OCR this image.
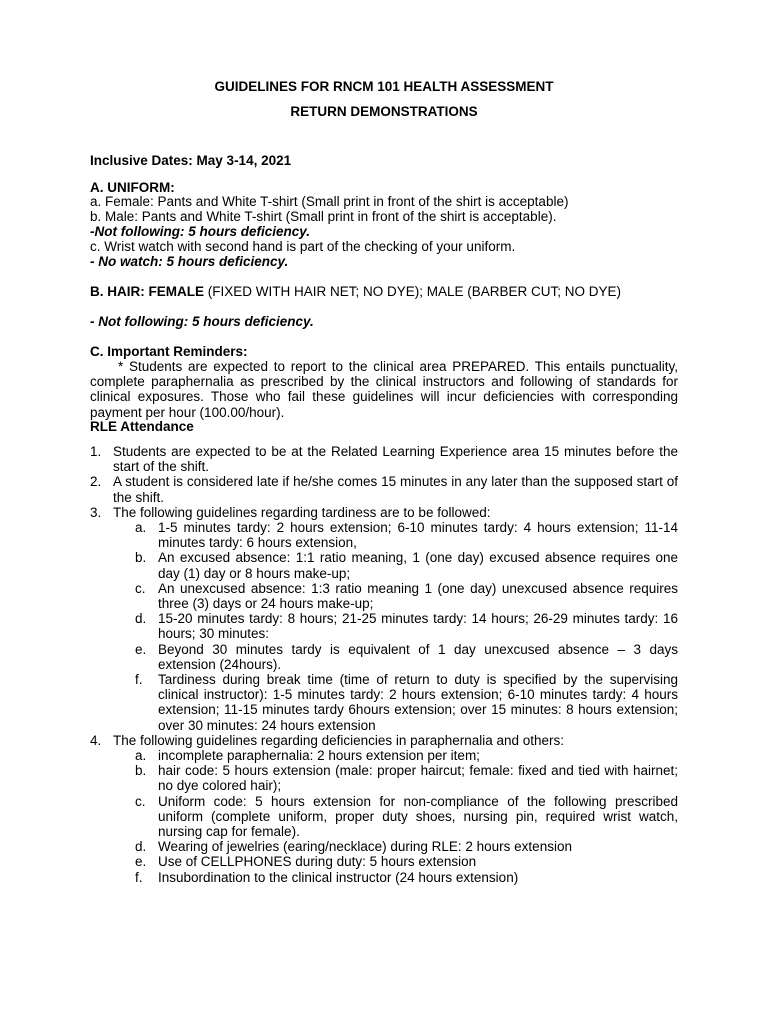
GUIDELINES FOR RNCM 101 HEALTH ASSESSMENT
RETURN DEMONSTRATIONS
Inclusive Dates: May 3-14, 2021
A. UNIFORM:
a. Female: Pants and White T-shirt (Small print in front of the shirt is acceptable)
b. Male: Pants and White T-shirt (Small print in front of the shirt is acceptable).
-Not following: 5 hours deficiency.
c. Wrist watch with second hand is part of the checking of your uniform.
- No watch: 5 hours deficiency.
B. HAIR: FEMALE (FIXED WITH HAIR NET; NO DYE); MALE (BARBER CUT; NO DYE)
- Not following: 5 hours deficiency.
C. Important Reminders:
* Students are expected to report to the clinical area PREPARED. This entails punctuality, complete paraphernalia as prescribed by the clinical instructors and following of standards for clinical exposures. Those who fail these guidelines will incur deficiencies with corresponding payment per hour (100.00/hour).
RLE Attendance
1. Students are expected to be at the Related Learning Experience area 15 minutes before the start of the shift.
2. A student is considered late if he/she comes 15 minutes in any later than the supposed start of the shift.
3. The following guidelines regarding tardiness are to be followed:
a. 1-5 minutes tardy: 2 hours extension; 6-10 minutes tardy: 4 hours extension; 11-14 minutes tardy: 6 hours extension,
b. An excused absence: 1:1 ratio meaning, 1 (one day) excused absence requires one day (1) day or 8 hours make-up;
c. An unexcused absence: 1:3 ratio meaning 1 (one day) unexcused absence requires three (3) days or 24 hours make-up;
d. 15-20 minutes tardy: 8 hours; 21-25 minutes tardy: 14 hours; 26-29 minutes tardy: 16 hours; 30 minutes:
e. Beyond 30 minutes tardy is equivalent of 1 day unexcused absence – 3 days extension (24hours).
f. Tardiness during break time (time of return to duty is specified by the supervising clinical instructor): 1-5 minutes tardy: 2 hours extension; 6-10 minutes tardy: 4 hours extension; 11-15 minutes tardy 6hours extension; over 15 minutes: 8 hours extension; over 30 minutes: 24 hours extension
4. The following guidelines regarding deficiencies in paraphernalia and others:
a. incomplete paraphernalia: 2 hours extension per item;
b. hair code: 5 hours extension (male: proper haircut; female: fixed and tied with hairnet; no dye colored hair);
c. Uniform code: 5 hours extension for non-compliance of the following prescribed uniform (complete uniform, proper duty shoes, nursing pin, required wrist watch, nursing cap for female).
d. Wearing of jewelries (earing/necklace) during RLE: 2 hours extension
e. Use of CELLPHONES during duty: 5 hours extension
f. Insubordination to the clinical instructor (24 hours extension)
